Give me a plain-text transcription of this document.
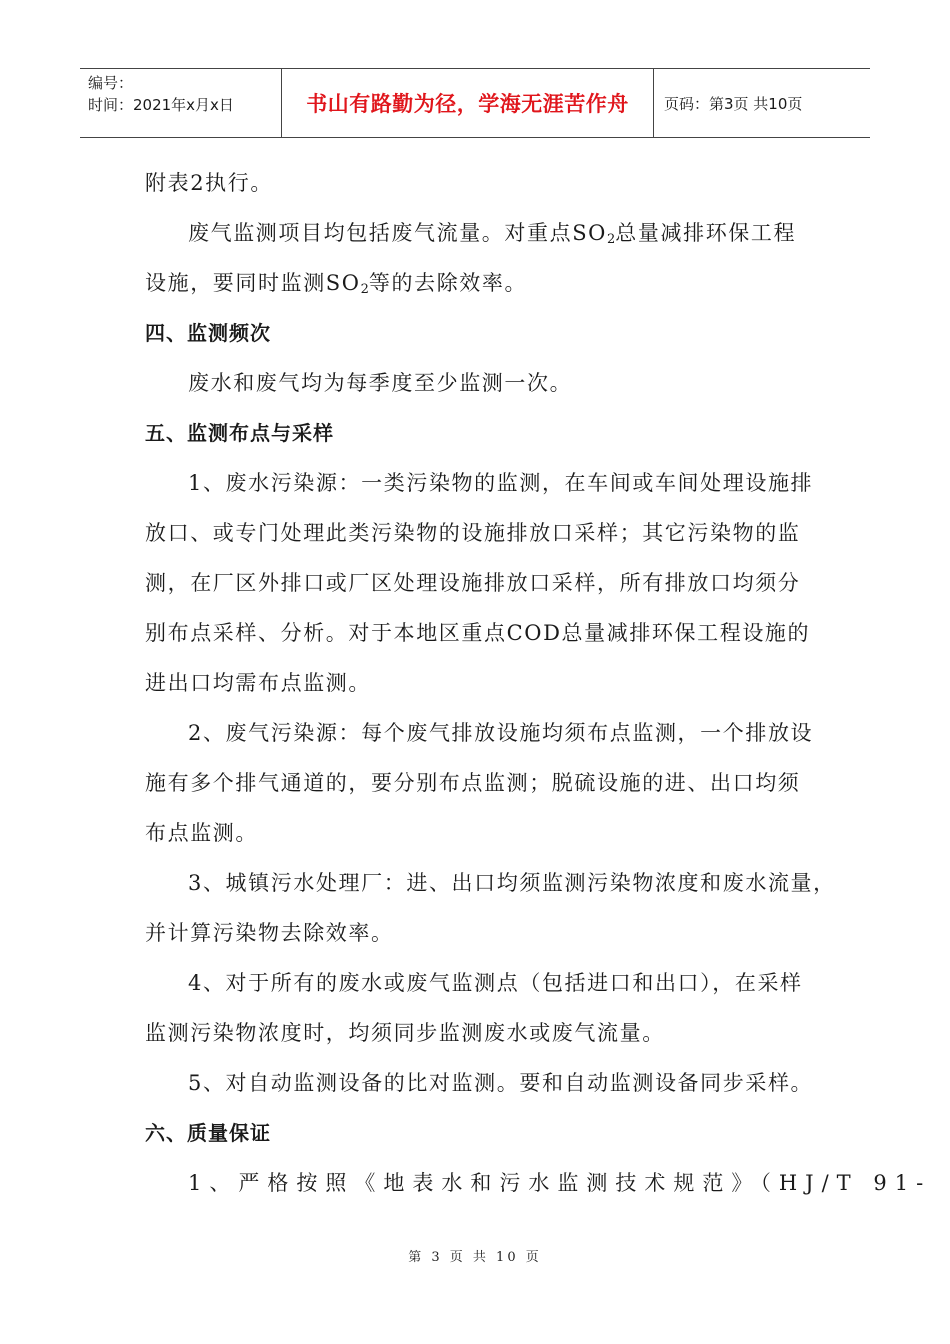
编号：
时间：2021年x月x日	书山有路勤为径，学海无涯苦作舟	页码：第3页 共10页
附表2执行。
废气监测项目均包括废气流量。对重点$SO_2$总量减排环保工程
设施，要同时监测$SO_2$等的去除效率。
四、监测频次
废水和废气均为每季度至少监测一次。
五、监测布点与采样
1、废水污染源：一类污染物的监测，在车间或车间处理设施排
放口、或专门处理此类污染物的设施排放口采样；其它污染物的监
测，在厂区外排口或厂区处理设施排放口采样，所有排放口均须分
别布点采样、分析。对于本地区重点COD总量减排环保工程设施的
进出口均需布点监测。
2、废气污染源：每个废气排放设施均须布点监测，一个排放设
施有多个排气通道的，要分别布点监测；脱硫设施的进、出口均须
布点监测。
3、城镇污水处理厂：进、出口均须监测污染物浓度和废水流量，
并计算污染物去除效率。
4、对于所有的废水或废气监测点（包括进口和出口），在采样
监测污染物浓度时，均须同步监测废水或废气流量。
5、对自动监测设备的比对监测。要和自动监测设备同步采样。
六、质量保证
1、严格按照《地表水和污水监测技术规范》（HJ/T 91-
第 3 页 共 10 页
